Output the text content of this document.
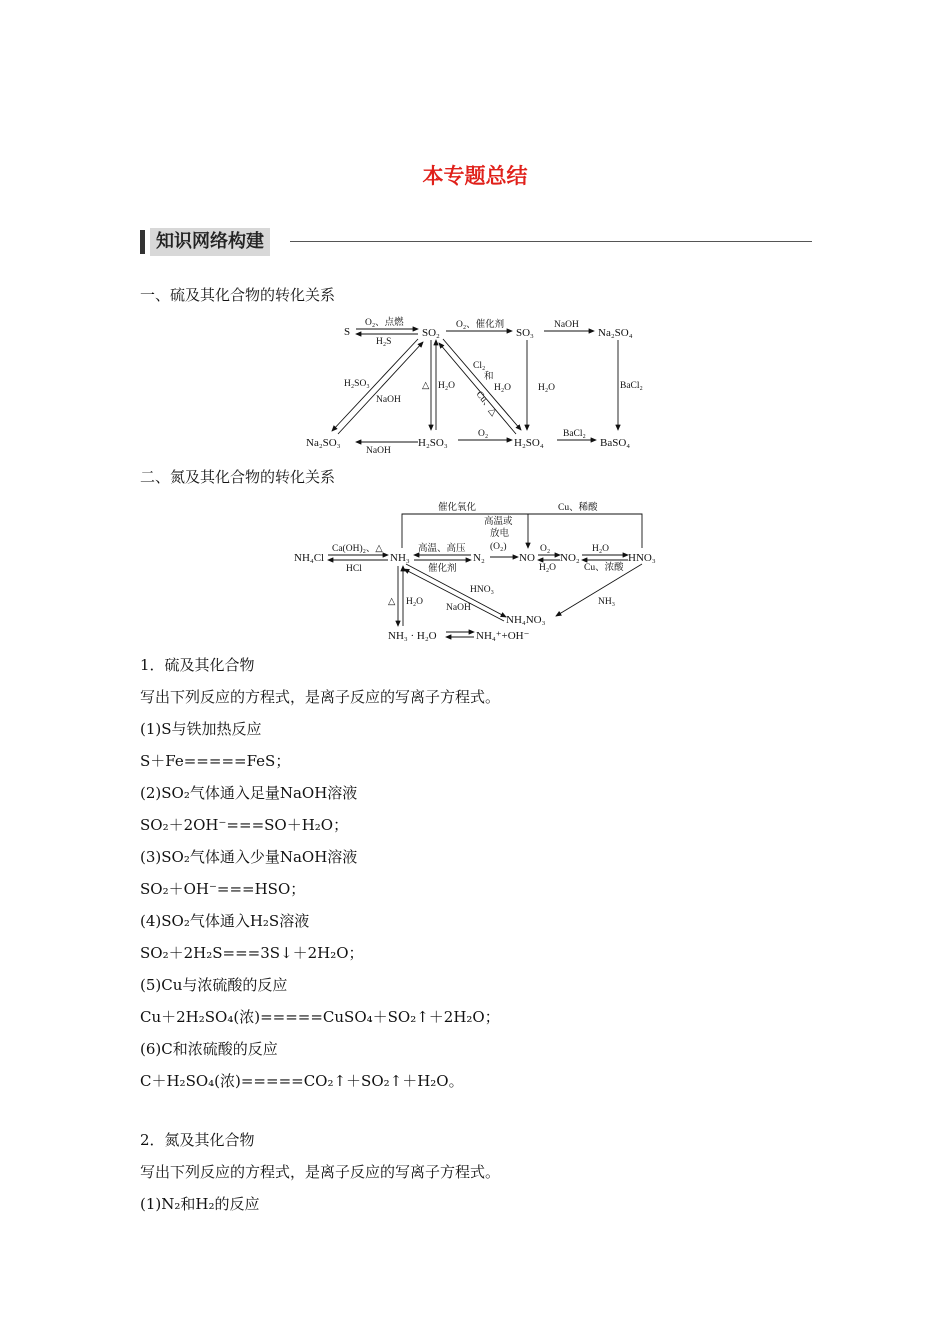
本专题总结
知识网络构建
一、硫及其化合物的转化关系
S	SO₂	SO₃	Na₂SO₄
Na₂SO₃	H₂SO₃	H₂SO₄	BaSO₄
O₂、点燃
H₂S
O₂、催化剂	NaOH
H₂SO₃
NaOH
△ H₂O
Cl₂
和
H₂O
Cu、△
H₂O	BaCl₂
NaOH
O₂	BaCl₂
二、氮及其化合物的转化关系
NH₄Cl	NH₃	N₂	NO NO₂	HNO₃
NH₄NO₃
NH₃ · H₂O	NH₄⁺+OH⁻
催化氧化	Cu、稀酸
高温或
放电
(O₂)
Ca(OH)₂、△
HCl
高温、高压
催化剂
O₂
H₂O
H₂O
Cu、浓酸
HNO₃
NaOH
NH₃
△ H₂O
1．硫及其化合物
写出下列反应的方程式，是离子反应的写离子方程式。
(1)S与铁加热反应
S＋Fe=====FeS；
(2)SO₂气体通入足量NaOH溶液
SO₂＋2OH⁻===SO＋H₂O；
(3)SO₂气体通入少量NaOH溶液
SO₂＋OH⁻===HSO；
(4)SO₂气体通入H₂S溶液
SO₂＋2H₂S===3S↓＋2H₂O；
(5)Cu与浓硫酸的反应
Cu＋2H₂SO₄(浓)=====CuSO₄＋SO₂↑＋2H₂O；
(6)C和浓硫酸的反应
C＋H₂SO₄(浓)=====CO₂↑＋SO₂↑＋H₂O。
2．氮及其化合物
写出下列反应的方程式，是离子反应的写离子方程式。
(1)N₂和H₂的反应
